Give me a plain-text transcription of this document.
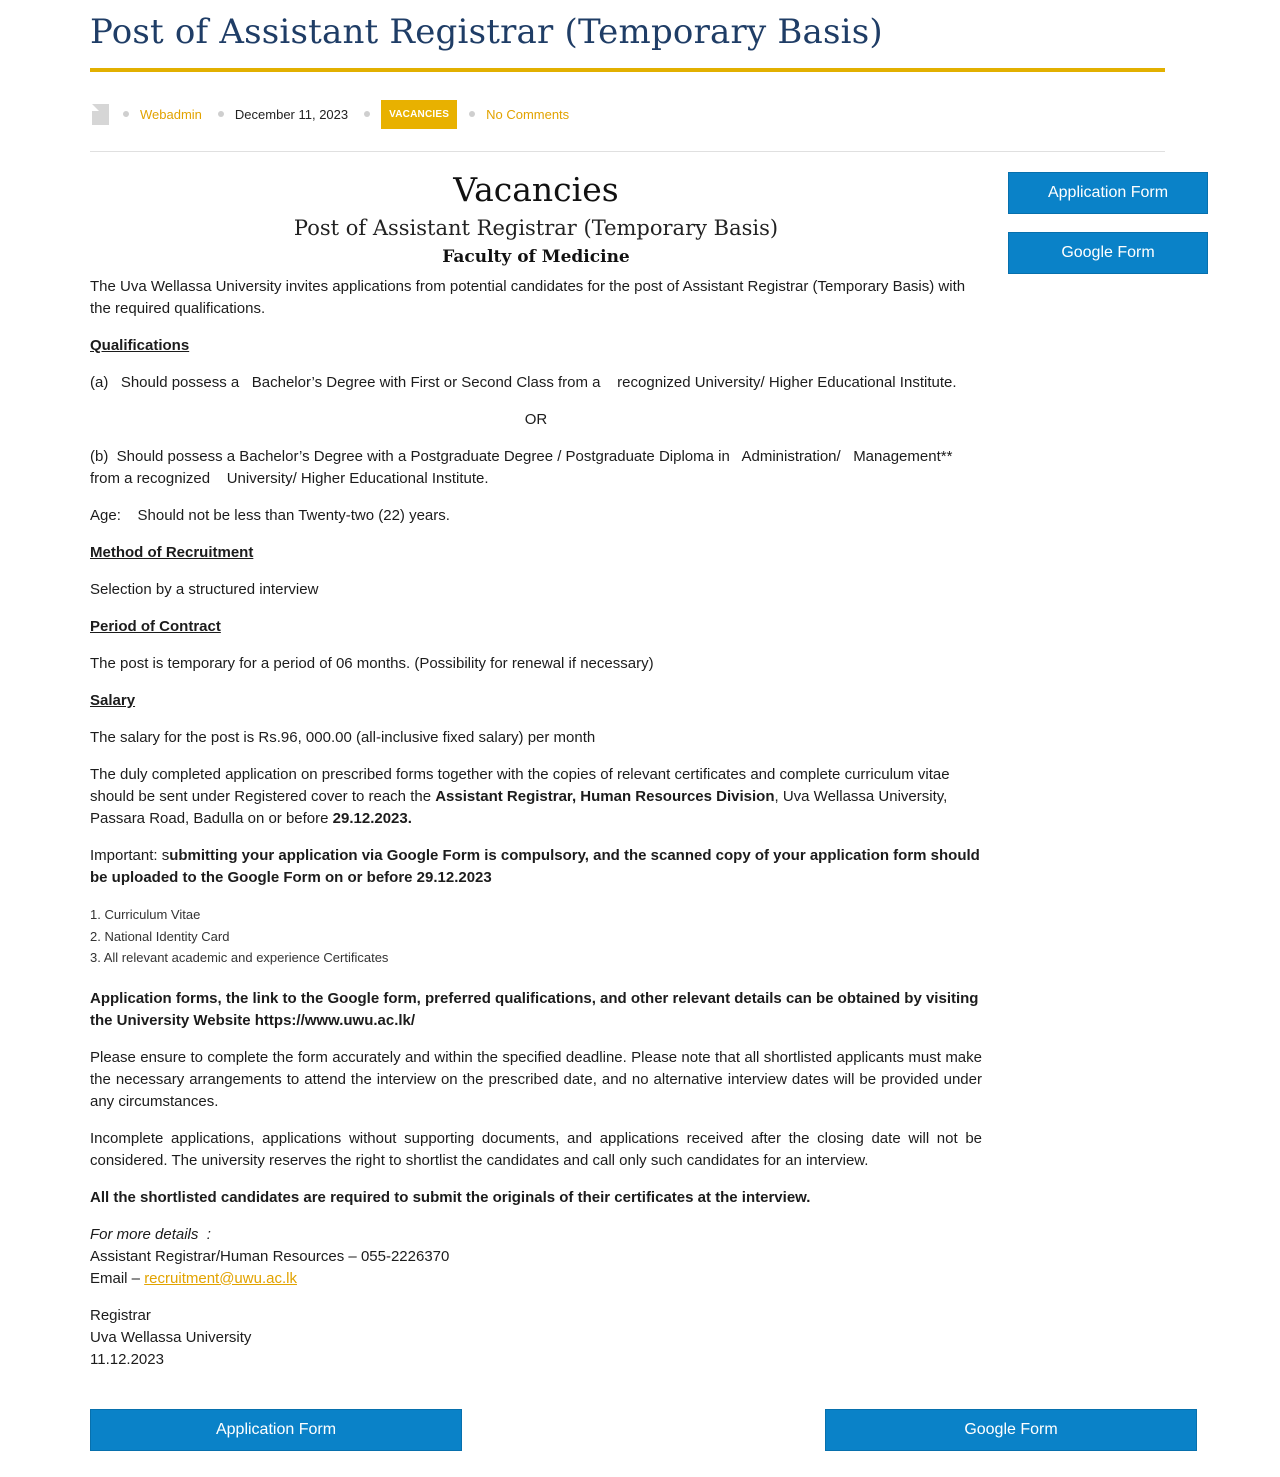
Post of Assistant Registrar (Temporary Basis)
Webadmin	December 11, 2023	VACANCIES	No Comments
Vacancies
Post of Assistant Registrar (Temporary Basis)
Faculty of Medicine

The Uva Wellassa University invites applications from potential candidates for the post of Assistant Registrar (Temporary Basis) with the required qualifications.

Qualifications

(a)   Should possess a   Bachelor’s Degree with First or Second Class from a    recognized University/ Higher Educational Institute.

OR

(b)  Should possess a Bachelor’s Degree with a Postgraduate Degree / Postgraduate Diploma in   Administration/   Management** from a recognized    University/ Higher Educational Institute.

Age:    Should not be less than Twenty-two (22) years.

Method of Recruitment

Selection by a structured interview

Period of Contract

The post is temporary for a period of 06 months. (Possibility for renewal if necessary)

Salary

The salary for the post is Rs.96, 000.00 (all-inclusive fixed salary) per month

The duly completed application on prescribed forms together with the copies of relevant certificates and complete curriculum vitae should be sent under Registered cover to reach the Assistant Registrar, Human Resources Division, Uva Wellassa University, Passara Road, Badulla on or before 29.12.2023.

Important: submitting your application via Google Form is compulsory, and the scanned copy of your application form should be uploaded to the Google Form on or before 29.12.2023

1. Curriculum Vitae
2. National Identity Card
3. All relevant academic and experience Certificates

Application forms, the link to the Google form, preferred qualifications, and other relevant details can be obtained by visiting the University Website https://www.uwu.ac.lk/

Please ensure to complete the form accurately and within the specified deadline. Please note that all shortlisted applicants must make the necessary arrangements to attend the interview on the prescribed date, and no alternative interview dates will be provided under any circumstances.

Incomplete applications, applications without supporting documents, and applications received after the closing date will not be considered. The university reserves the right to shortlist the candidates and call only such candidates for an interview.

All the shortlisted candidates are required to submit the originals of their certificates at the interview.

For more details  :
Assistant Registrar/Human Resources – 055-2226370
Email – recruitment@uwu.ac.lk

Registrar
Uva Wellassa University
11.12.2023

Application Form
Google Form
Application Form	Google Form
